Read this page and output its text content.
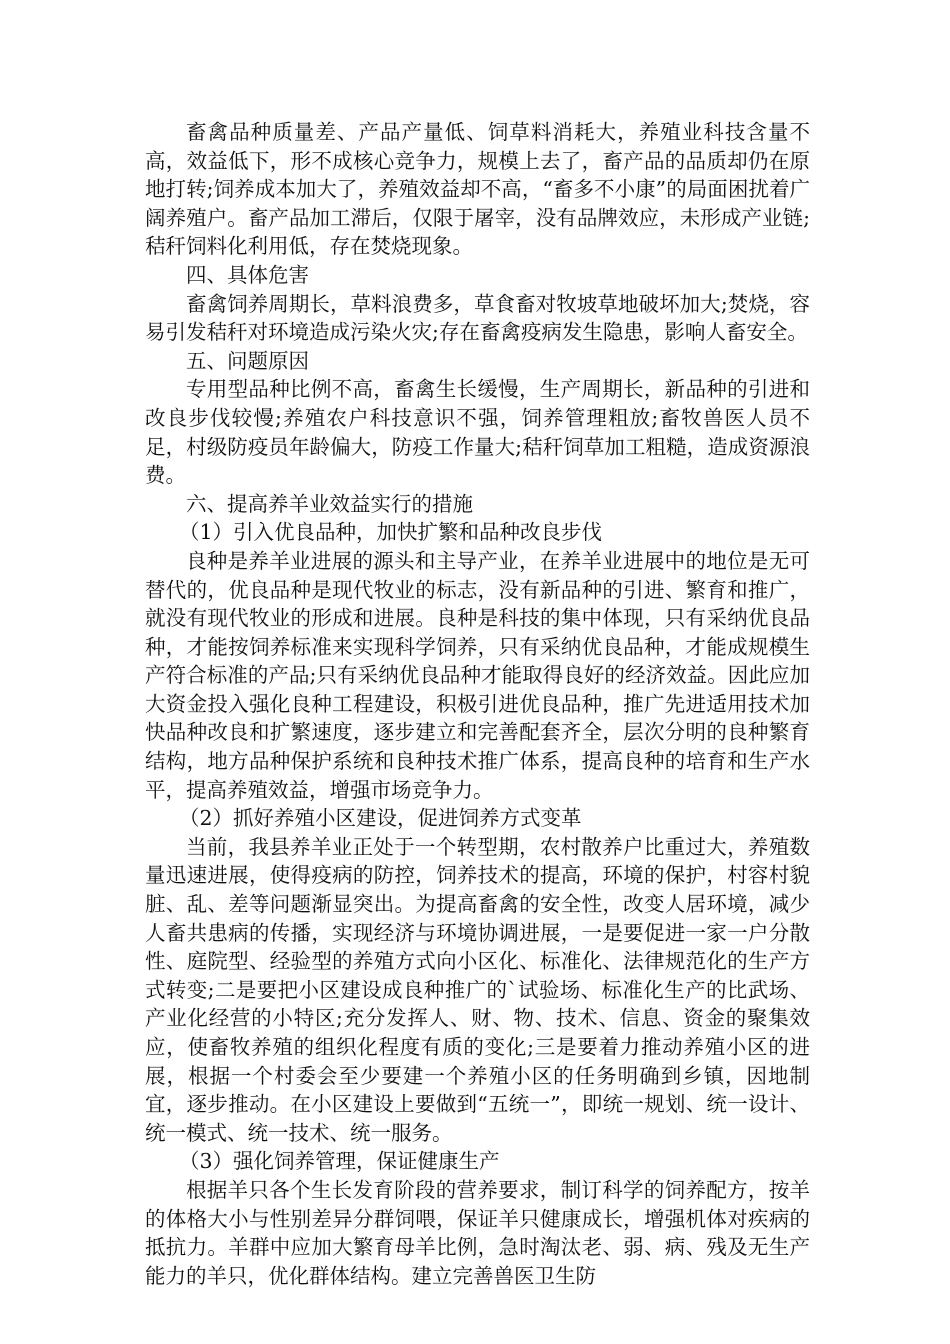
畜禽品种质量差、产品产量低、饲草料消耗大，养殖业科技含量不高，效益低下，形不成核心竞争力，规模上去了，畜产品的品质却仍在原地打转;饲养成本加大了，养殖效益却不高，“畜多不小康”的局面困扰着广阔养殖户。畜产品加工滞后，仅限于屠宰，没有品牌效应，未形成产业链;秸秆饲料化利用低，存在焚烧现象。

四、具体危害

畜禽饲养周期长，草料浪费多，草食畜对牧坡草地破坏加大;焚烧，容易引发秸秆对环境造成污染火灾;存在畜禽疫病发生隐患，影响人畜安全。

五、问题原因

专用型品种比例不高，畜禽生长缓慢，生产周期长，新品种的引进和改良步伐较慢;养殖农户科技意识不强，饲养管理粗放;畜牧兽医人员不足，村级防疫员年龄偏大，防疫工作量大;秸秆饲草加工粗糙，造成资源浪费。

六、提高养羊业效益实行的措施

（1）引入优良品种，加快扩繁和品种改良步伐

良种是养羊业进展的源头和主导产业，在养羊业进展中的地位是无可替代的，优良品种是现代牧业的标志，没有新品种的引进、繁育和推广，就没有现代牧业的形成和进展。良种是科技的集中体现，只有采纳优良品种，才能按饲养标准来实现科学饲养，只有采纳优良品种，才能成规模生产符合标准的产品;只有采纳优良品种才能取得良好的经济效益。因此应加大资金投入强化良种工程建设，积极引进优良品种，推广先进适用技术加快品种改良和扩繁速度，逐步建立和完善配套齐全，层次分明的良种繁育结构，地方品种保护系统和良种技术推广体系，提高良种的培育和生产水平，提高养殖效益，增强市场竞争力。

（2）抓好养殖小区建设，促进饲养方式变革

当前，我县养羊业正处于一个转型期，农村散养户比重过大，养殖数量迅速进展，使得疫病的防控，饲养技术的提高，环境的保护，村容村貌脏、乱、差等问题渐显突出。为提高畜禽的安全性，改变人居环境，减少人畜共患病的传播，实现经济与环境协调进展，一是要促进一家一户分散性、庭院型、经验型的养殖方式向小区化、标准化、法律规范化的生产方式转变;二是要把小区建设成良种推广的`试验场、标准化生产的比武场、产业化经营的小特区;充分发挥人、财、物、技术、信息、资金的聚集效应，使畜牧养殖的组织化程度有质的变化;三是要着力推动养殖小区的进展，根据一个村委会至少要建一个养殖小区的任务明确到乡镇，因地制宜，逐步推动。在小区建设上要做到“五统一”，即统一规划、统一设计、统一模式、统一技术、统一服务。

（3）强化饲养管理，保证健康生产

根据羊只各个生长发育阶段的营养要求，制订科学的饲养配方，按羊的体格大小与性别差异分群饲喂，保证羊只健康成长，增强机体对疾病的抵抗力。羊群中应加大繁育母羊比例，急时淘汰老、弱、病、残及无生产能力的羊只，优化群体结构。建立完善兽医卫生防
